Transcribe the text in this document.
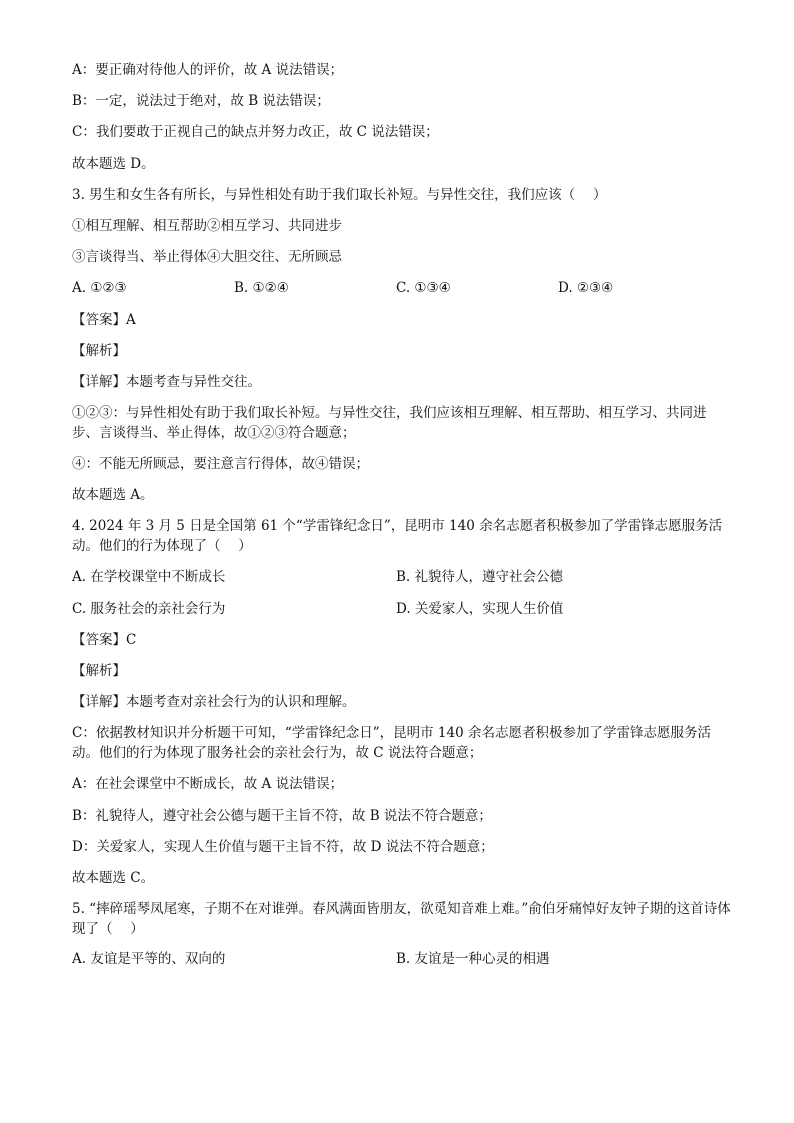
A：要正确对待他人的评价，故 A 说法错误；
B：一定，说法过于绝对，故 B 说法错误；
C：我们要敢于正视自己的缺点并努力改正，故 C 说法错误；
故本题选 D。
3. 男生和女生各有所长，与异性相处有助于我们取长补短。与异性交往，我们应该（　 ）
①相互理解、相互帮助②相互学习、共同进步
③言谈得当、举止得体④大胆交往、无所顾忌
A. ①②③	B. ①②④	C. ①③④	D. ②③④
【答案】A
【解析】
【详解】本题考查与异性交往。
①②③：与异性相处有助于我们取长补短。与异性交往，我们应该相互理解、相互帮助、相互学习、共同进步、言谈得当、举止得体，故①②③符合题意；
④：不能无所顾忌，要注意言行得体，故④错误；
故本题选 A。
4. 2024 年 3 月 5 日是全国第 61 个“学雷锋纪念日”，昆明市 140 余名志愿者积极参加了学雷锋志愿服务活动。他们的行为体现了（　 ）
A. 在学校课堂中不断成长	B. 礼貌待人，遵守社会公德
C. 服务社会的亲社会行为	D. 关爱家人，实现人生价值
【答案】C
【解析】
【详解】本题考查对亲社会行为的认识和理解。
C：依据教材知识并分析题干可知，“学雷锋纪念日”，昆明市 140 余名志愿者积极参加了学雷锋志愿服务活动。他们的行为体现了服务社会的亲社会行为，故 C 说法符合题意；
A：在社会课堂中不断成长，故 A 说法错误；
B：礼貌待人，遵守社会公德与题干主旨不符，故 B 说法不符合题意；
D：关爱家人，实现人生价值与题干主旨不符，故 D 说法不符合题意；
故本题选 C。
5. “摔碎瑶琴凤尾寒，子期不在对谁弹。春风满面皆朋友，欲觅知音难上难。”俞伯牙痛悼好友钟子期的这首诗体现了（　 ）
A. 友谊是平等的、双向的	B. 友谊是一种心灵的相遇
